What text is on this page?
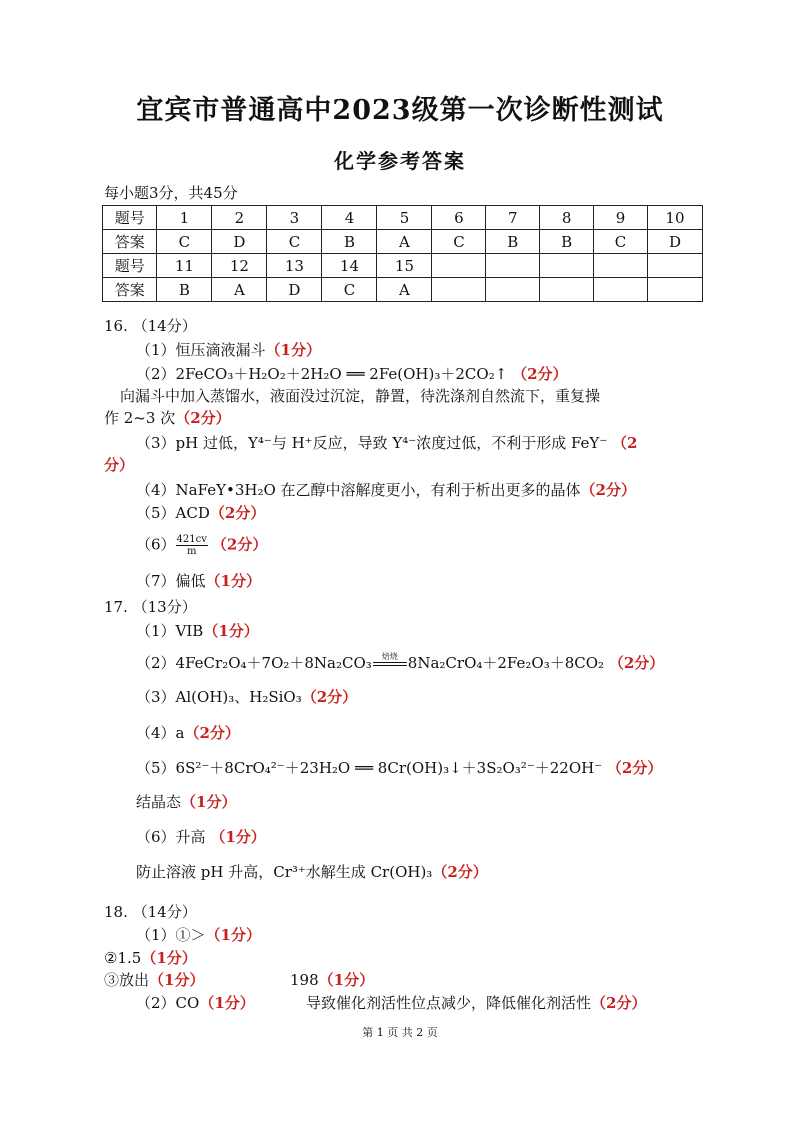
宜宾市普通高中2023级第一次诊断性测试
化学参考答案
每小题3分，共45分
题号	1	2	3	4	5	6	7	8	9	10
答案	C	D	C	B	A	C	B	B	C	D
题号	11	12	13	14	15					
答案	B	A	D	C	A					
16. （14分）
（1）恒压滴液漏斗（1分）
（2）2FeCO₃＋H₂O₂＋2H₂O ══ 2Fe(OH)₃＋2CO₂↑ （2分）
向漏斗中加入蒸馏水，液面没过沉淀，静置，待洗涤剂自然流下，重复操
作 2~3 次（2分）
（3）pH 过低，Y⁴⁻与 H⁺反应，导致 Y⁴⁻浓度过低，不利于形成 FeY⁻ （2
分）
（4）NaFeY•3H₂O 在乙醇中溶解度更小，有利于析出更多的晶体（2分）
（5）ACD（2分）
$(6) \frac{421cv}{m} (2$分）
（7）偏低（1分）
17. （13分）
（1）VIB（1分）
（2）4FeCr₂O₄＋7O₂＋8Na₂CO₃	焙烧 8Na₂CrO₄＋2Fe₂O₃＋8CO₂ （2分）
（3）Al(OH)₃、H₂SiO₃（2分）
（4）a（2分）
（5）6S²⁻＋8CrO₄²⁻＋23H₂O ══ 8Cr(OH)₃↓＋3S₂O₃²⁻＋22OH⁻ （2分）
结晶态（1分）
（6）升高 （1分）
防止溶液 pH 升高，Cr³⁺水解生成 Cr(OH)₃（2分）
18. （14分）
（1）①＞（1分）
②1.5（1分）
③放出（1分）	198（1分）
（2）CO（1分）	导致催化剂活性位点减少，降低催化剂活性（2分）
第 1 页 共 2 页
